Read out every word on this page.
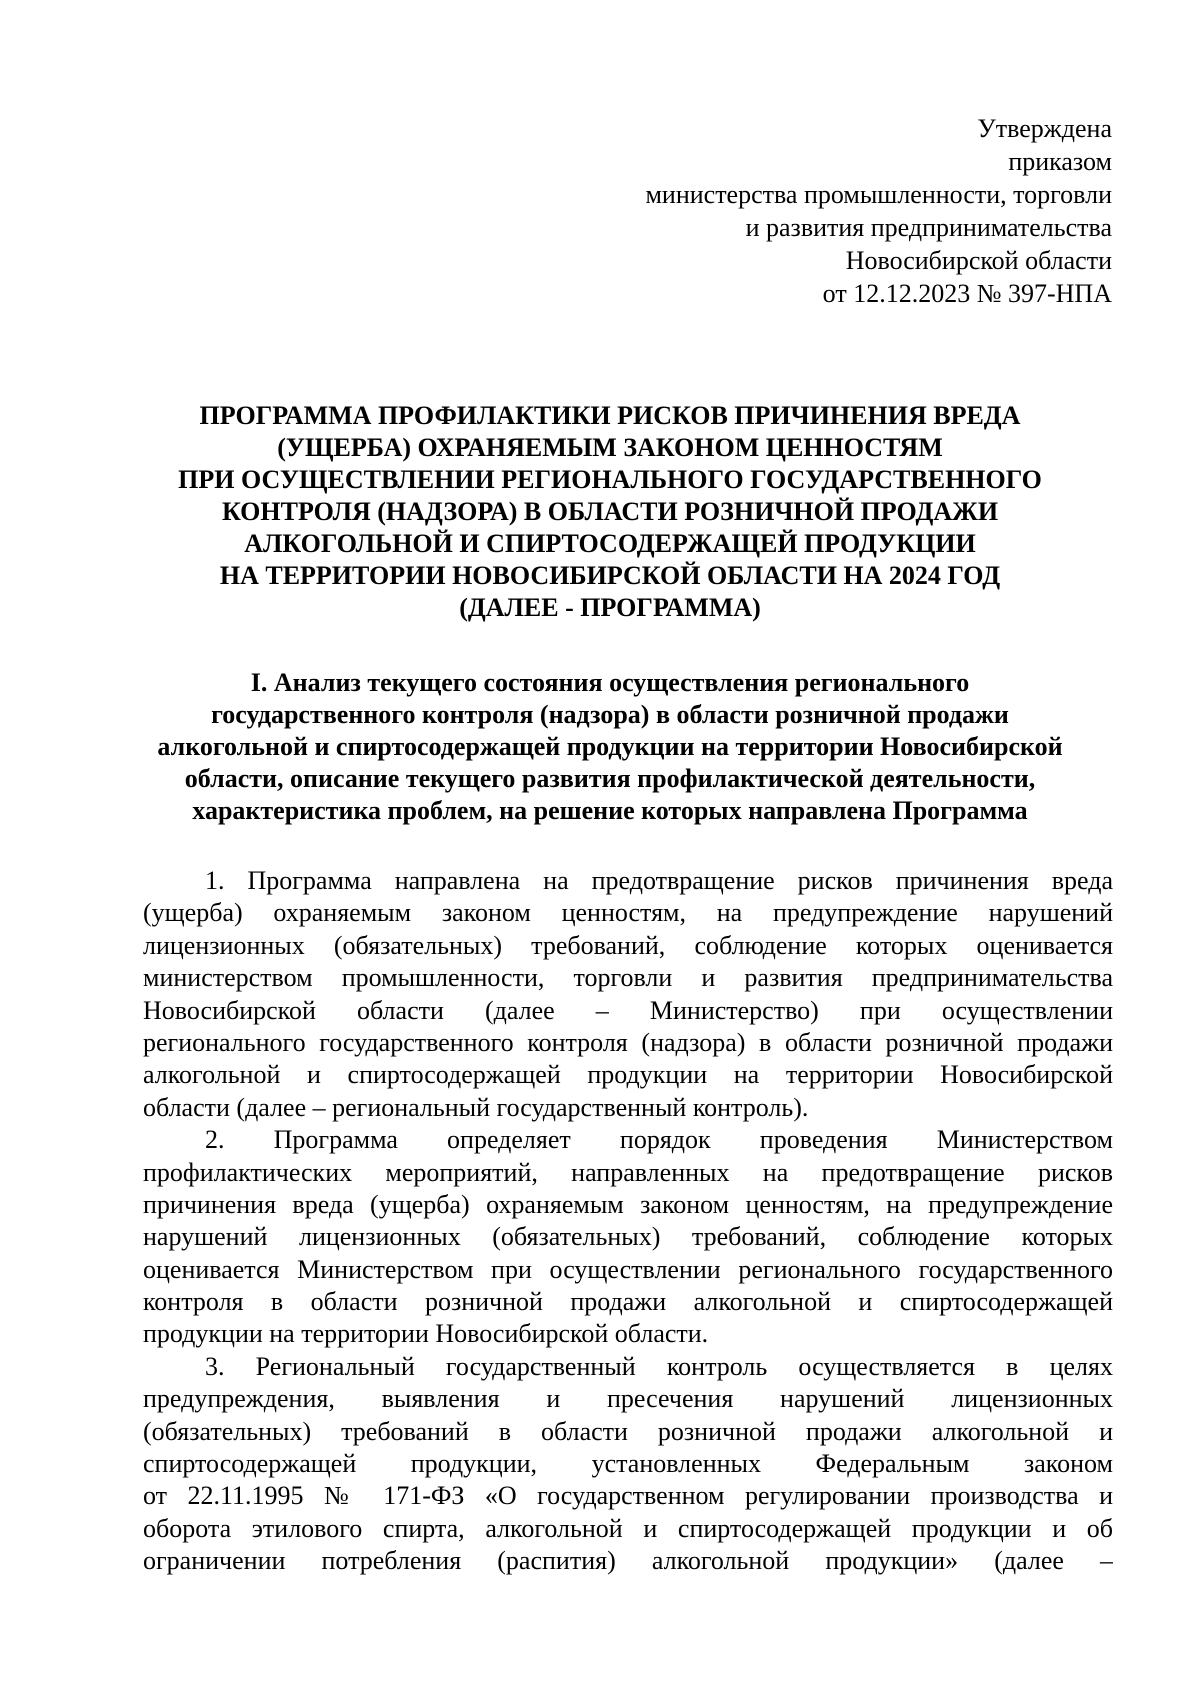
Утверждена
приказом
министерства промышленности, торговли
и развития предпринимательства
Новосибирской области
от 12.12.2023 № 397-НПА
ПРОГРАММА ПРОФИЛАКТИКИ РИСКОВ ПРИЧИНЕНИЯ ВРЕДА
(УЩЕРБА) ОХРАНЯЕМЫМ ЗАКОНОМ ЦЕННОСТЯМ
ПРИ ОСУЩЕСТВЛЕНИИ РЕГИОНАЛЬНОГО ГОСУДАРСТВЕННОГО
КОНТРОЛЯ (НАДЗОРА) В ОБЛАСТИ РОЗНИЧНОЙ ПРОДАЖИ
АЛКОГОЛЬНОЙ И СПИРТОСОДЕРЖАЩЕЙ ПРОДУКЦИИ
НА ТЕРРИТОРИИ НОВОСИБИРСКОЙ ОБЛАСТИ НА 2024 ГОД
(ДАЛЕЕ - ПРОГРАММА)
I. Анализ текущего состояния осуществления регионального
государственного контроля (надзора) в области розничной продажи
алкогольной и спиртосодержащей продукции на территории Новосибирской
области, описание текущего развития профилактической деятельности,
характеристика проблем, на решение которых направлена Программа
1. Программа направлена на предотвращение рисков причинения вреда
(ущерба) охраняемым законом ценностям, на предупреждение нарушений
лицензионных (обязательных) требований, соблюдение которых оценивается
министерством промышленности, торговли и развития предпринимательства
Новосибирской области (далее – Министерство) при осуществлении
регионального государственного контроля (надзора) в области розничной продажи
алкогольной и спиртосодержащей продукции на территории Новосибирской
области (далее – региональный государственный контроль).
2. Программа определяет порядок проведения Министерством
профилактических мероприятий, направленных на предотвращение рисков
причинения вреда (ущерба) охраняемым законом ценностям, на предупреждение
нарушений лицензионных (обязательных) требований, соблюдение которых
оценивается Министерством при осуществлении регионального государственного
контроля в области розничной продажи алкогольной и спиртосодержащей
продукции на территории Новосибирской области.
3. Региональный государственный контроль осуществляется в целях
предупреждения, выявления и пресечения нарушений лицензионных
(обязательных) требований в области розничной продажи алкогольной и
спиртосодержащей продукции, установленных Федеральным законом
от 22.11.1995 № 171-ФЗ «О государственном регулировании производства и
оборота этилового спирта, алкогольной и спиртосодержащей продукции и об
ограничении потребления (распития) алкогольной продукции» (далее –
